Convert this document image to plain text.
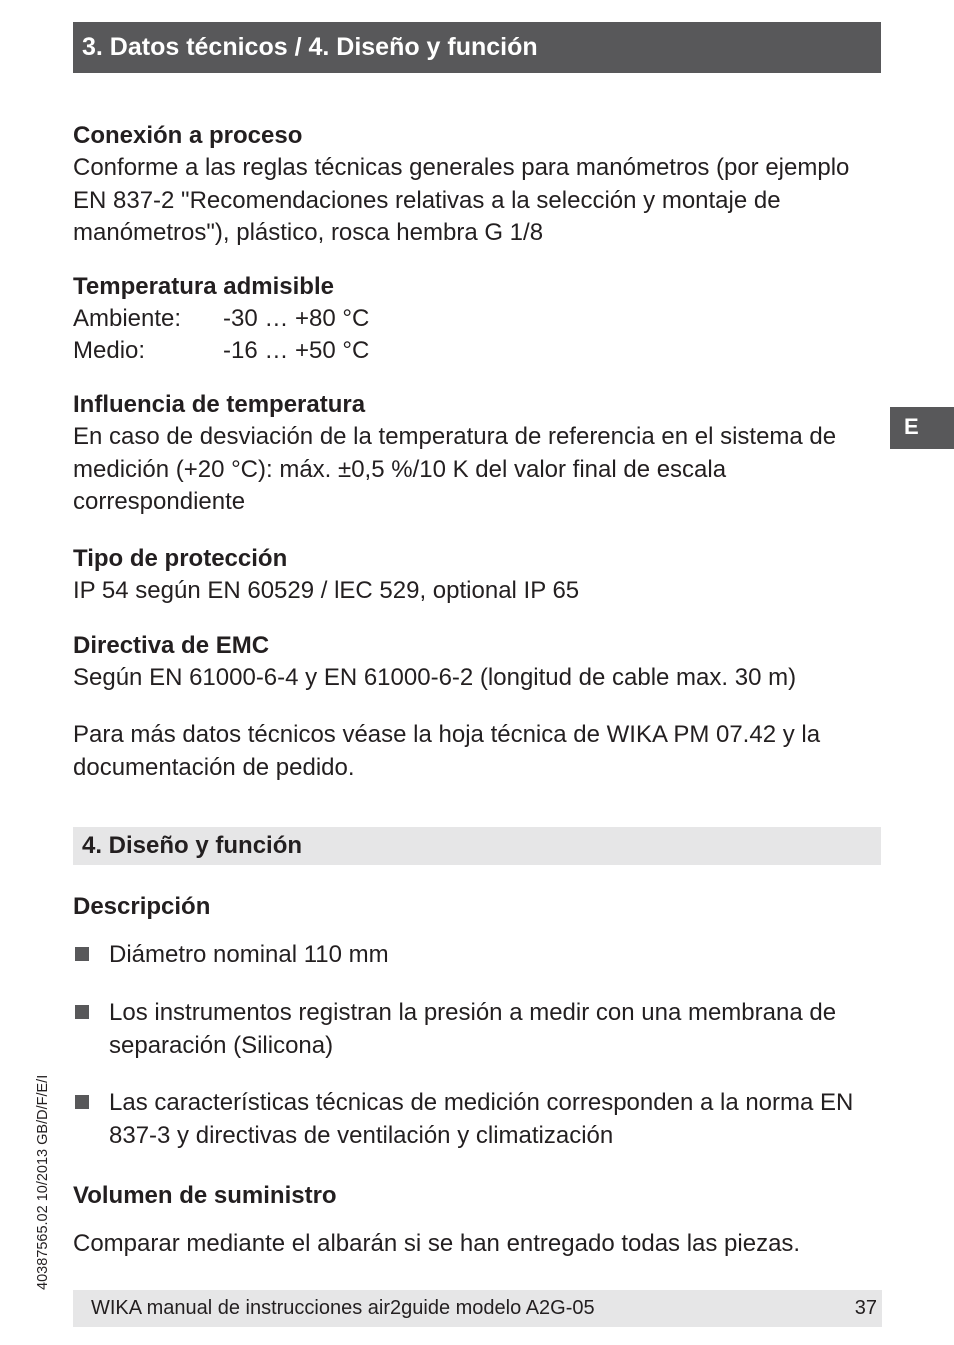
3. Datos técnicos / 4. Diseño y función
E
Conexión a proceso
Conforme a las reglas técnicas generales para manómetros (por ejemplo EN 837-2 "Recomendaciones relativas a la selección y montaje de manómetros"), plástico, rosca hembra G 1/8
Temperatura admisible
Ambiente: -30 … +80 °C
Medio:	-16 … +50 °C
Influencia de temperatura
En caso de desviación de la temperatura de referencia en el sistema de medición (+20 °C): máx. ±0,5 %/10 K del valor final de escala correspondiente
Tipo de protección
IP 54 según EN 60529 / lEC 529, optional IP 65
Directiva de EMC
Según EN 61000-6-4 y EN 61000-6-2 (longitud de cable max. 30 m)
Para más datos técnicos véase la hoja técnica de WIKA PM 07.42 y la documentación de pedido.
Descripción
Diámetro nominal 110 mm
Los instrumentos registran la presión a medir con una membrana de separación (Silicona)
Las características técnicas de medición corresponden a la norma EN 837-3 y directivas de ventilación y climatización
Volumen de suministro
Comparar mediante el albarán si se han entregado todas las piezas.
4. Diseño y función
40387565.02 10/2013 GB/D/F/E/I
WIKA manual de instrucciones air2guide modelo A2G-05	37
